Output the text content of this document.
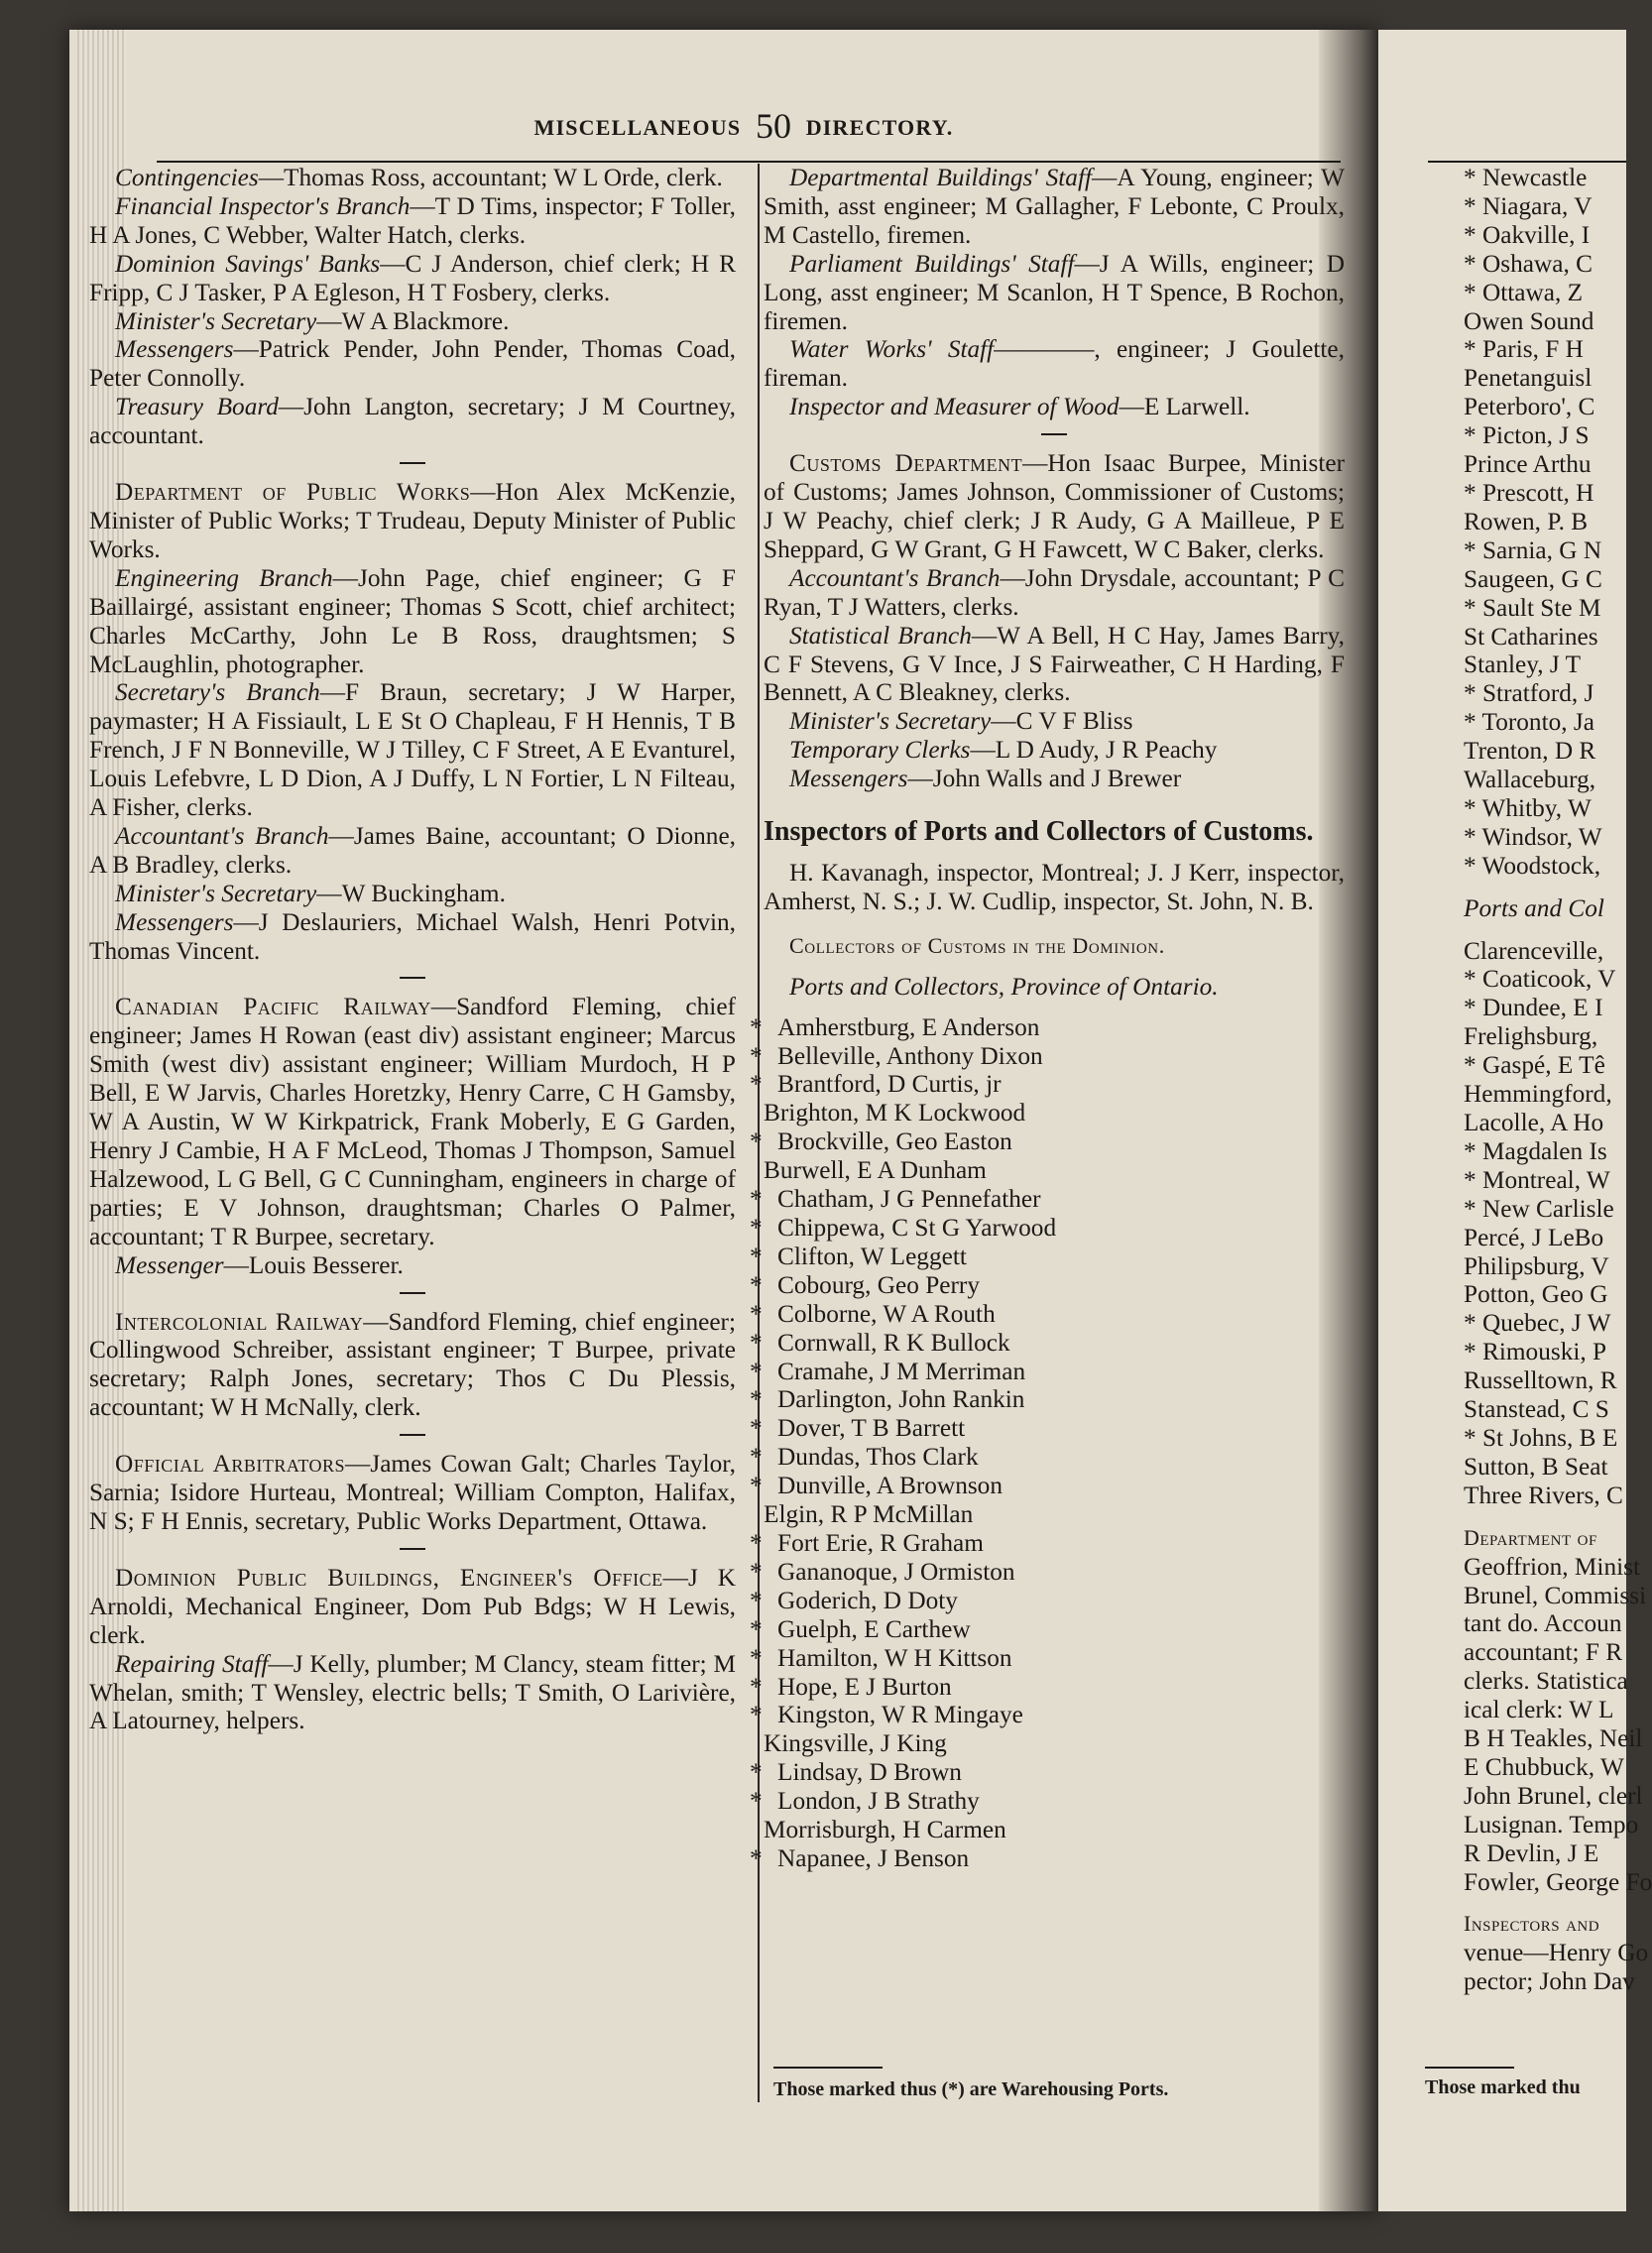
MISCELLANEOUS 50 DIRECTORY.

Contingencies—Thomas Ross, accountant; W L Orde, clerk.

Financial Inspector's Branch—T D Tims, inspector; F Toller, H A Jones, C Webber, Walter Hatch, clerks.

Dominion Savings' Banks—C J Anderson, chief clerk; H R Fripp, C J Tasker, P A Egleson, H T Fosbery, clerks.

Minister's Secretary—W A Blackmore.

Messengers—Patrick Pender, John Pender, Thomas Coad, Peter Connolly.

Treasury Board—John Langton, secretary; J M Courtney, accountant.

Department of Public Works—Hon Alex McKenzie, Minister of Public Works; T Trudeau, Deputy Minister of Public Works.

Engineering Branch—John Page, chief engineer; G F Baillairgé, assistant engineer; Thomas S Scott, chief architect; Charles McCarthy, John Le B Ross, draughtsmen; S McLaughlin, photographer.

Secretary's Branch—F Braun, secretary; J W Harper, paymaster; H A Fissiault, L E St O Chapleau, F H Hennis, T B French, J F N Bonneville, W J Tilley, C F Street, A E Evanturel, Louis Lefebvre, L D Dion, A J Duffy, L N Fortier, L N Filteau, A Fisher, clerks.

Accountant's Branch—James Baine, accountant; O Dionne, A B Bradley, clerks.

Minister's Secretary—W Buckingham.

Messengers—J Deslauriers, Michael Walsh, Henri Potvin, Thomas Vincent.

Canadian Pacific Railway—Sandford Fleming, chief engineer; James H Rowan (east div) assistant engineer; Marcus Smith (west div) assistant engineer; William Murdoch, H P Bell, E W Jarvis, Charles Horetzky, Henry Carre, C H Gamsby, W A Austin, W W Kirkpatrick, Frank Moberly, E G Garden, Henry J Cambie, H A F McLeod, Thomas J Thompson, Samuel Halzewood, L G Bell, G C Cunningham, engineers in charge of parties; E V Johnson, draughtsman; Charles O Palmer, accountant; T R Burpee, secretary.

Messenger—Louis Besserer.

Intercolonial Railway—Sandford Fleming, chief engineer; Collingwood Schreiber, assistant engineer; T Burpee, private secretary; Ralph Jones, secretary; Thos C Du Plessis, accountant; W H McNally, clerk.

Official Arbitrators—James Cowan Galt; Charles Taylor, Sarnia; Isidore Hurteau, Montreal; William Compton, Halifax, N S; F H Ennis, secretary, Public Works Department, Ottawa.

Dominion Public Buildings, Engineer's Office—J K Arnoldi, Mechanical Engineer, Dom Pub Bdgs; W H Lewis, clerk.

Repairing Staff—J Kelly, plumber; M Clancy, steam fitter; M Whelan, smith; T Wensley, electric bells; T Smith, O Larivière, A Latourney, helpers.

Departmental Buildings' Staff—A Young, engineer; W Smith, asst engineer; M Gallagher, F Lebonte, C Proulx, M Castello, firemen.

Parliament Buildings' Staff—J A Wills, engineer; D Long, asst engineer; M Scanlon, H T Spence, B Rochon, firemen.

Water Works' Staff————, engineer; J Goulette, fireman.

Inspector and Measurer of Wood—E Larwell.

Customs Department—Hon Isaac Burpee, Minister of Customs; James Johnson, Commissioner of Customs; J W Peachy, chief clerk; J R Audy, G A Mailleue, P E Sheppard, G W Grant, G H Fawcett, W C Baker, clerks.

Accountant's Branch—John Drysdale, accountant; P C Ryan, T J Watters, clerks.

Statistical Branch—W A Bell, H C Hay, James Barry, C F Stevens, G V Ince, J S Fairweather, C H Harding, F Bennett, A C Bleakney, clerks.

Minister's Secretary—C V F Bliss

Temporary Clerks—L D Audy, J R Peachy

Messengers—John Walls and J Brewer

Inspectors of Ports and Collectors of Customs.

H. Kavanagh, inspector, Montreal; J. J Kerr, inspector, Amherst, N. S.; J. W. Cudlip, inspector, St. John, N. B.

Collectors of Customs in the Dominion.
Ports and Collectors, Province of Ontario.
* Amherstburg, E Anderson
* Belleville, Anthony Dixon
* Brantford, D Curtis, jr
Brighton, M K Lockwood
* Brockville, Geo Easton
Burwell, E A Dunham
* Chatham, J G Pennefather
* Chippewa, C St G Yarwood
* Clifton, W Leggett
* Cobourg, Geo Perry
* Colborne, W A Routh
* Cornwall, R K Bullock
* Cramahe, J M Merriman
* Darlington, John Rankin
* Dover, T B Barrett
* Dundas, Thos Clark
* Dunville, A Brownson
Elgin, R P McMillan
* Fort Erie, R Graham
* Gananoque, J Ormiston
* Goderich, D Doty
* Guelph, E Carthew
* Hamilton, W H Kittson
* Hope, E J Burton
* Kingston, W R Mingaye
Kingsville, J King
* Lindsay, D Brown
* London, J B Strathy
Morrisburgh, H Carmen
* Napanee, J Benson
* Newcastle
* Niagara, V
* Oakville, I
* Oshawa, C
* Ottawa, Z
Owen Sound
* Paris, F H
Penetanguisl
Peterboro', C
* Picton, J S
Prince Arthu
* Prescott, H
Rowen, P. B
* Sarnia, G N
Saugeen, G C
* Sault Ste M
St Catharines
Stanley, J T
* Stratford, J
* Toronto, Ja
Trenton, D R
Wallaceburg,
* Whitby, W
* Windsor, W
* Woodstock,
Ports and Col
Clarenceville,
* Coaticook, V
* Dundee, E I
Frelighsburg,
* Gaspé, E Tê
Hemmingford,
Lacolle, A Ho
* Magdalen Is
* Montreal, W
* New Carlisle
Percé, J LeBo
Philipsburg, V
Potton, Geo G
* Quebec, J W
* Rimouski, P
Russelltown, R
Stanstead, C S
* St Johns, B E
Sutton, B Seat
Three Rivers, C
Department of
Geoffrion, Minist
Brunel, Commissi
tant do. Accoun
accountant; F R
clerks. Statistica
ical clerk: W L
B H Teakles, Neil
E Chubbuck, W
John Brunel, clerl
Lusignan. Tempo
R Devlin, J E
Fowler, George Fo
Inspectors and
venue—Henry Go
pector; John Dav
Those marked thus (*) are Warehousing Ports.	Those marked thu
